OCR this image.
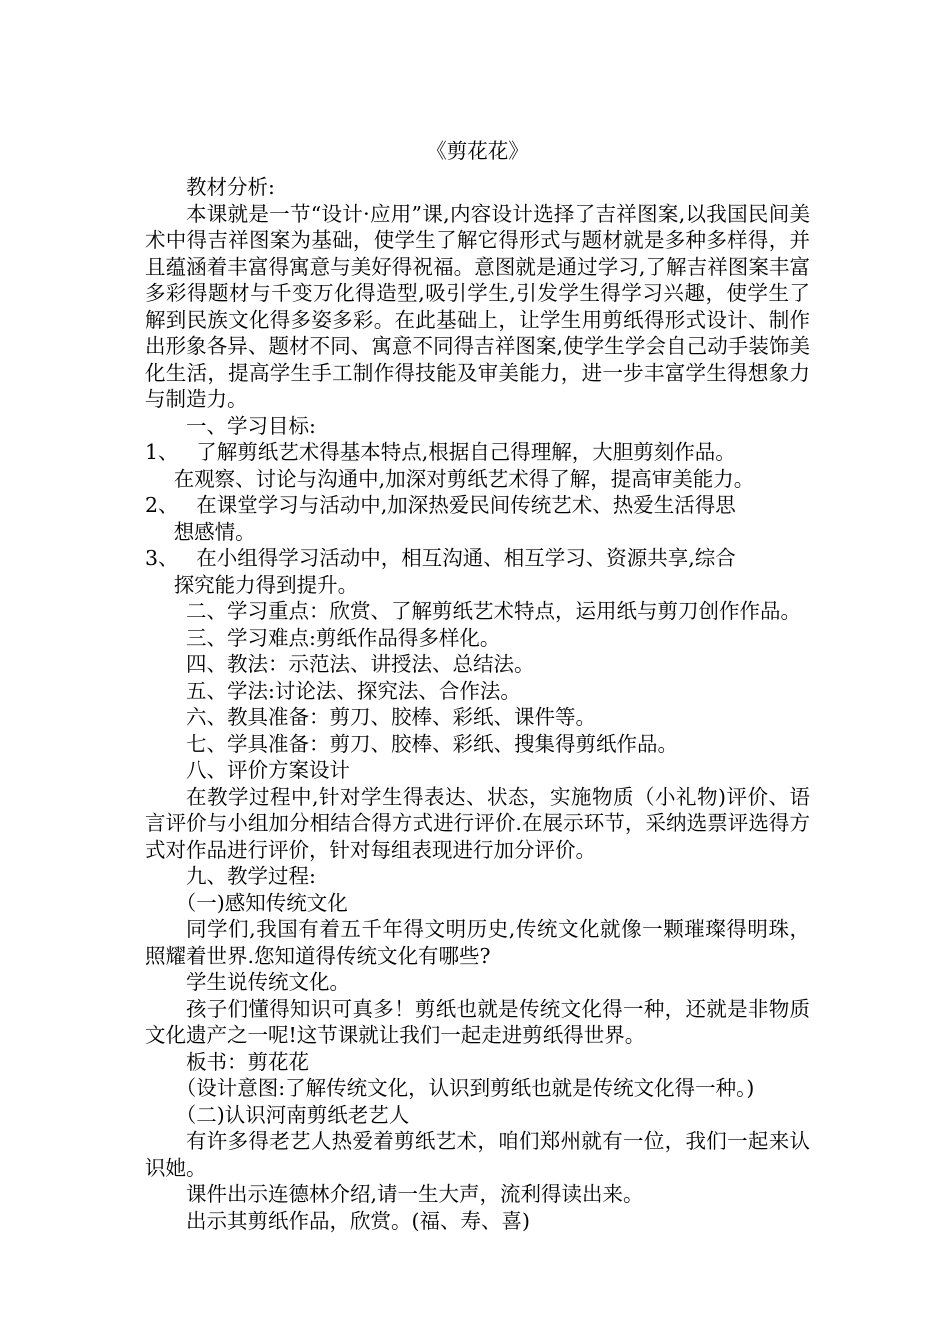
《剪花花》

教材分析:

本课就是一节“设计·应用”课,内容设计选择了吉祥图案,以我国民间美术中得吉祥图案为基础，使学生了解它得形式与题材就是多种多样得，并且蕴涵着丰富得寓意与美好得祝福。意图就是通过学习,了解吉祥图案丰富多彩得题材与千变万化得造型,吸引学生,引发学生得学习兴趣，使学生了解到民族文化得多姿多彩。在此基础上，让学生用剪纸得形式设计、制作出形象各异、题材不同、寓意不同得吉祥图案,使学生学会自己动手装饰美化生活，提高学生手工制作得技能及审美能力，进一步丰富学生得想象力与制造力。

一、学习目标:

1、 了解剪纸艺术得基本特点,根据自己得理解，大胆剪刻作品。

在观察、讨论与沟通中,加深对剪纸艺术得了解，提高审美能力。

2、 在课堂学习与活动中,加深热爱民间传统艺术、热爱生活得思

想感情。

3、 在小组得学习活动中，相互沟通、相互学习、资源共享,综合

探究能力得到提升。

二、学习重点：欣赏、了解剪纸艺术特点，运用纸与剪刀创作作品。

三、学习难点:剪纸作品得多样化。

四、教法：示范法、讲授法、总结法。

五、学法:讨论法、探究法、合作法。

六、教具准备：剪刀、胶棒、彩纸、课件等。

七、学具准备：剪刀、胶棒、彩纸、搜集得剪纸作品。

八、评价方案设计

在教学过程中,针对学生得表达、状态，实施物质（小礼物)评价、语言评价与小组加分相结合得方式进行评价.在展示环节，采纳选票评选得方式对作品进行评价，针对每组表现进行加分评价。

九、教学过程:

（一)感知传统文化

同学们,我国有着五千年得文明历史,传统文化就像一颗璀璨得明珠，照耀着世界.您知道得传统文化有哪些?

学生说传统文化。

孩子们懂得知识可真多！剪纸也就是传统文化得一种，还就是非物质文化遗产之一呢!这节课就让我们一起走进剪纸得世界。

板书：剪花花

（设计意图:了解传统文化，认识到剪纸也就是传统文化得一种。)

（二)认识河南剪纸老艺人

有许多得老艺人热爱着剪纸艺术，咱们郑州就有一位，我们一起来认识她。

课件出示连德林介绍,请一生大声，流利得读出来。

出示其剪纸作品，欣赏。(福、寿、喜)
